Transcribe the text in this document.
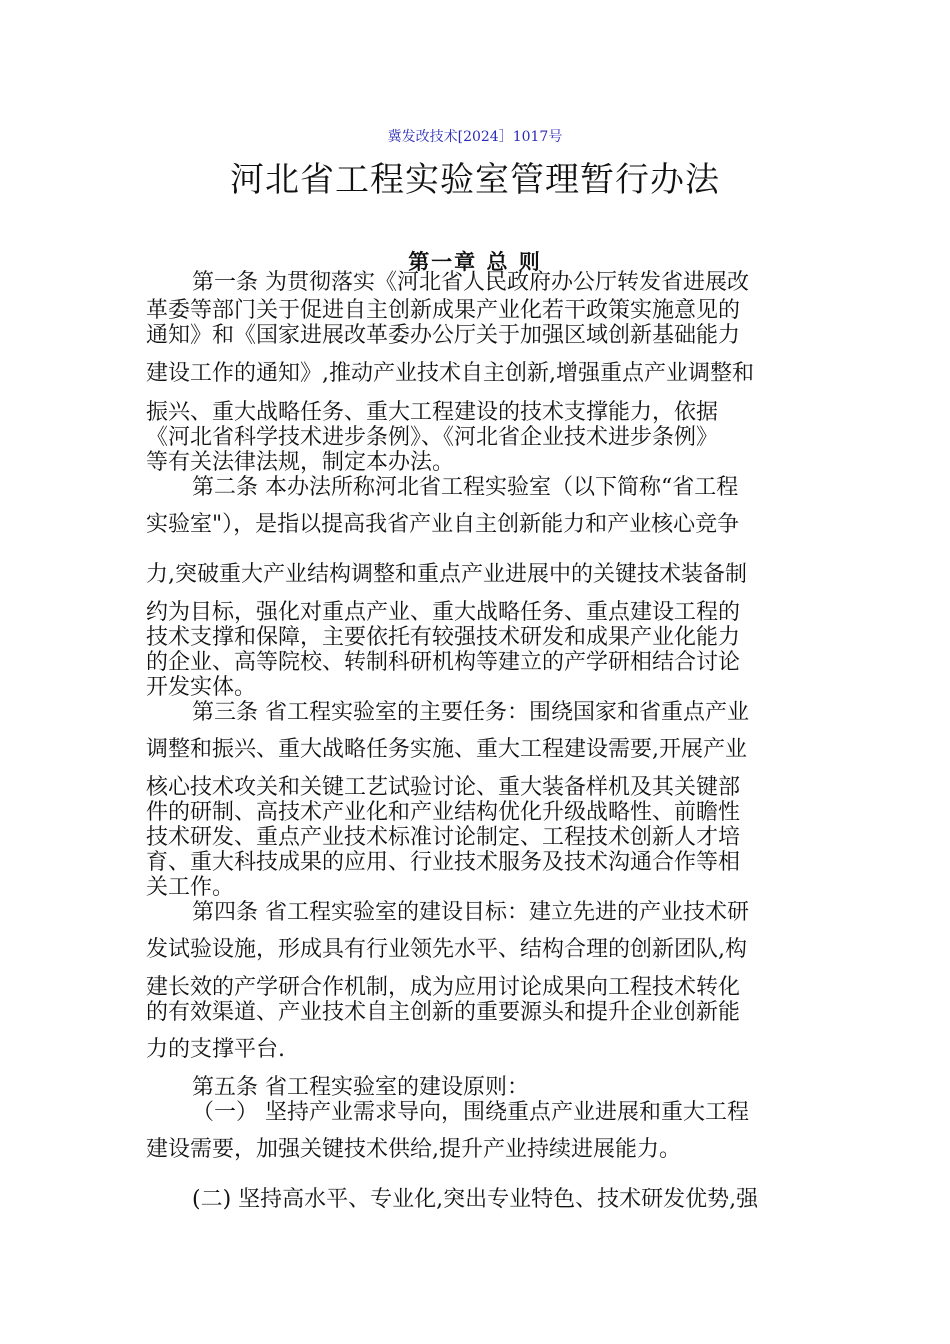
冀发改技术[2024］1017号
河北省工程实验室管理暂行办法
第一章 总 则
第一条 为贯彻落实《河北省人民政府办公厅转发省进展改
革委等部门关于促进自主创新成果产业化若干政策实施意见的
通知》和《国家进展改革委办公厅关于加强区域创新基础能力
建设工作的通知》,推动产业技术自主创新,增强重点产业调整和
振兴、重大战略任务、重大工程建设的技术支撑能力，依据
《河北省科学技术进步条例》、《河北省企业技术进步条例》
等有关法律法规，制定本办法。
第二条 本办法所称河北省工程实验室（以下简称“省工程
实验室"），是指以提高我省产业自主创新能力和产业核心竞争
力,突破重大产业结构调整和重点产业进展中的关键技术装备制
约为目标，强化对重点产业、重大战略任务、重点建设工程的
技术支撑和保障，主要依托有较强技术研发和成果产业化能力
的企业、高等院校、转制科研机构等建立的产学研相结合讨论
开发实体。
第三条 省工程实验室的主要任务：围绕国家和省重点产业
调整和振兴、重大战略任务实施、重大工程建设需要,开展产业
核心技术攻关和关键工艺试验讨论、重大装备样机及其关键部
件的研制、高技术产业化和产业结构优化升级战略性、前瞻性
技术研发、重点产业技术标准讨论制定、工程技术创新人才培
育、重大科技成果的应用、行业技术服务及技术沟通合作等相
关工作。
第四条 省工程实验室的建设目标：建立先进的产业技术研
发试验设施，形成具有行业领先水平、结构合理的创新团队,构
建长效的产学研合作机制，成为应用讨论成果向工程技术转化
的有效渠道、产业技术自主创新的重要源头和提升企业创新能
力的支撑平台.
第五条 省工程实验室的建设原则：
（一） 坚持产业需求导向，围绕重点产业进展和重大工程
建设需要，加强关键技术供给,提升产业持续进展能力。
(二) 坚持高水平、专业化,突出专业特色、技术研发优势,强
